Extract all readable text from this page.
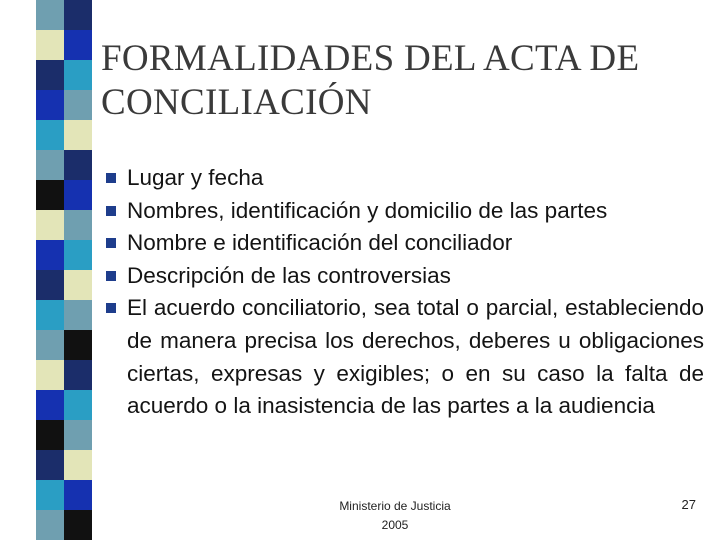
FORMALIDADES DEL ACTA DE CONCILIACIÓN
Lugar y fecha
Nombres, identificación y domicilio de las partes
Nombre e identificación del conciliador
Descripción de las controversias
El acuerdo conciliatorio, sea total o parcial, estableciendo de manera precisa los derechos, deberes u obligaciones ciertas, expresas y exigibles; o en su caso la falta de acuerdo o la inasistencia de las partes a la audiencia
Ministerio de Justicia
2005
27
